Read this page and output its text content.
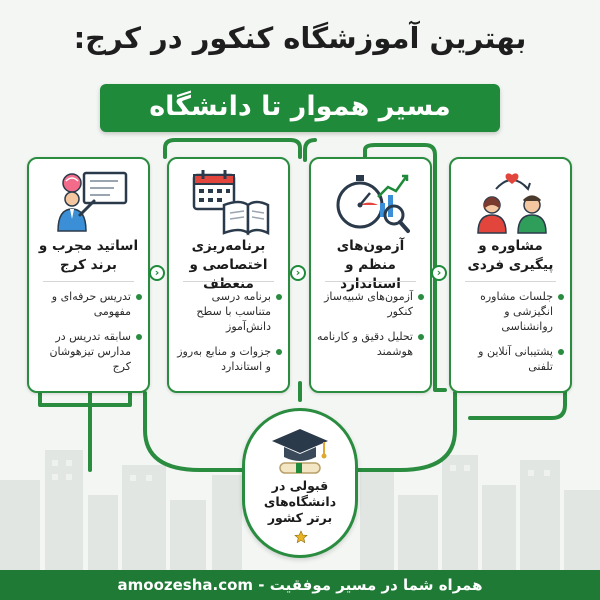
بهترین آموزشگاه کنکور در کرج:
مسیر هموار تا دانشگاه
اساتید مجرب و برند کرج
تدریس حرفه‌ای و مفهومی
سابقه تدریس در مدارس تیزهوشان کرج
برنامه‌ریزی اختصاصی و منعطف
برنامه درسی متناسب با سطح دانش‌آموز
جزوات و منابع به‌روز و استاندارد
آزمون‌های منظم و استاندارد
آزمون‌های شبیه‌ساز کنکور
تحلیل دقیق و کارنامه هوشمند
مشاوره و پیگیری فردی
جلسات مشاوره انگیزشی و روانشناسی
پشتیبانی آنلاین و تلفنی
›	›	›
قبولی در دانشگاه‌های برتر کشور
amoozesha.com - همراه شما در مسیر موفقیت
